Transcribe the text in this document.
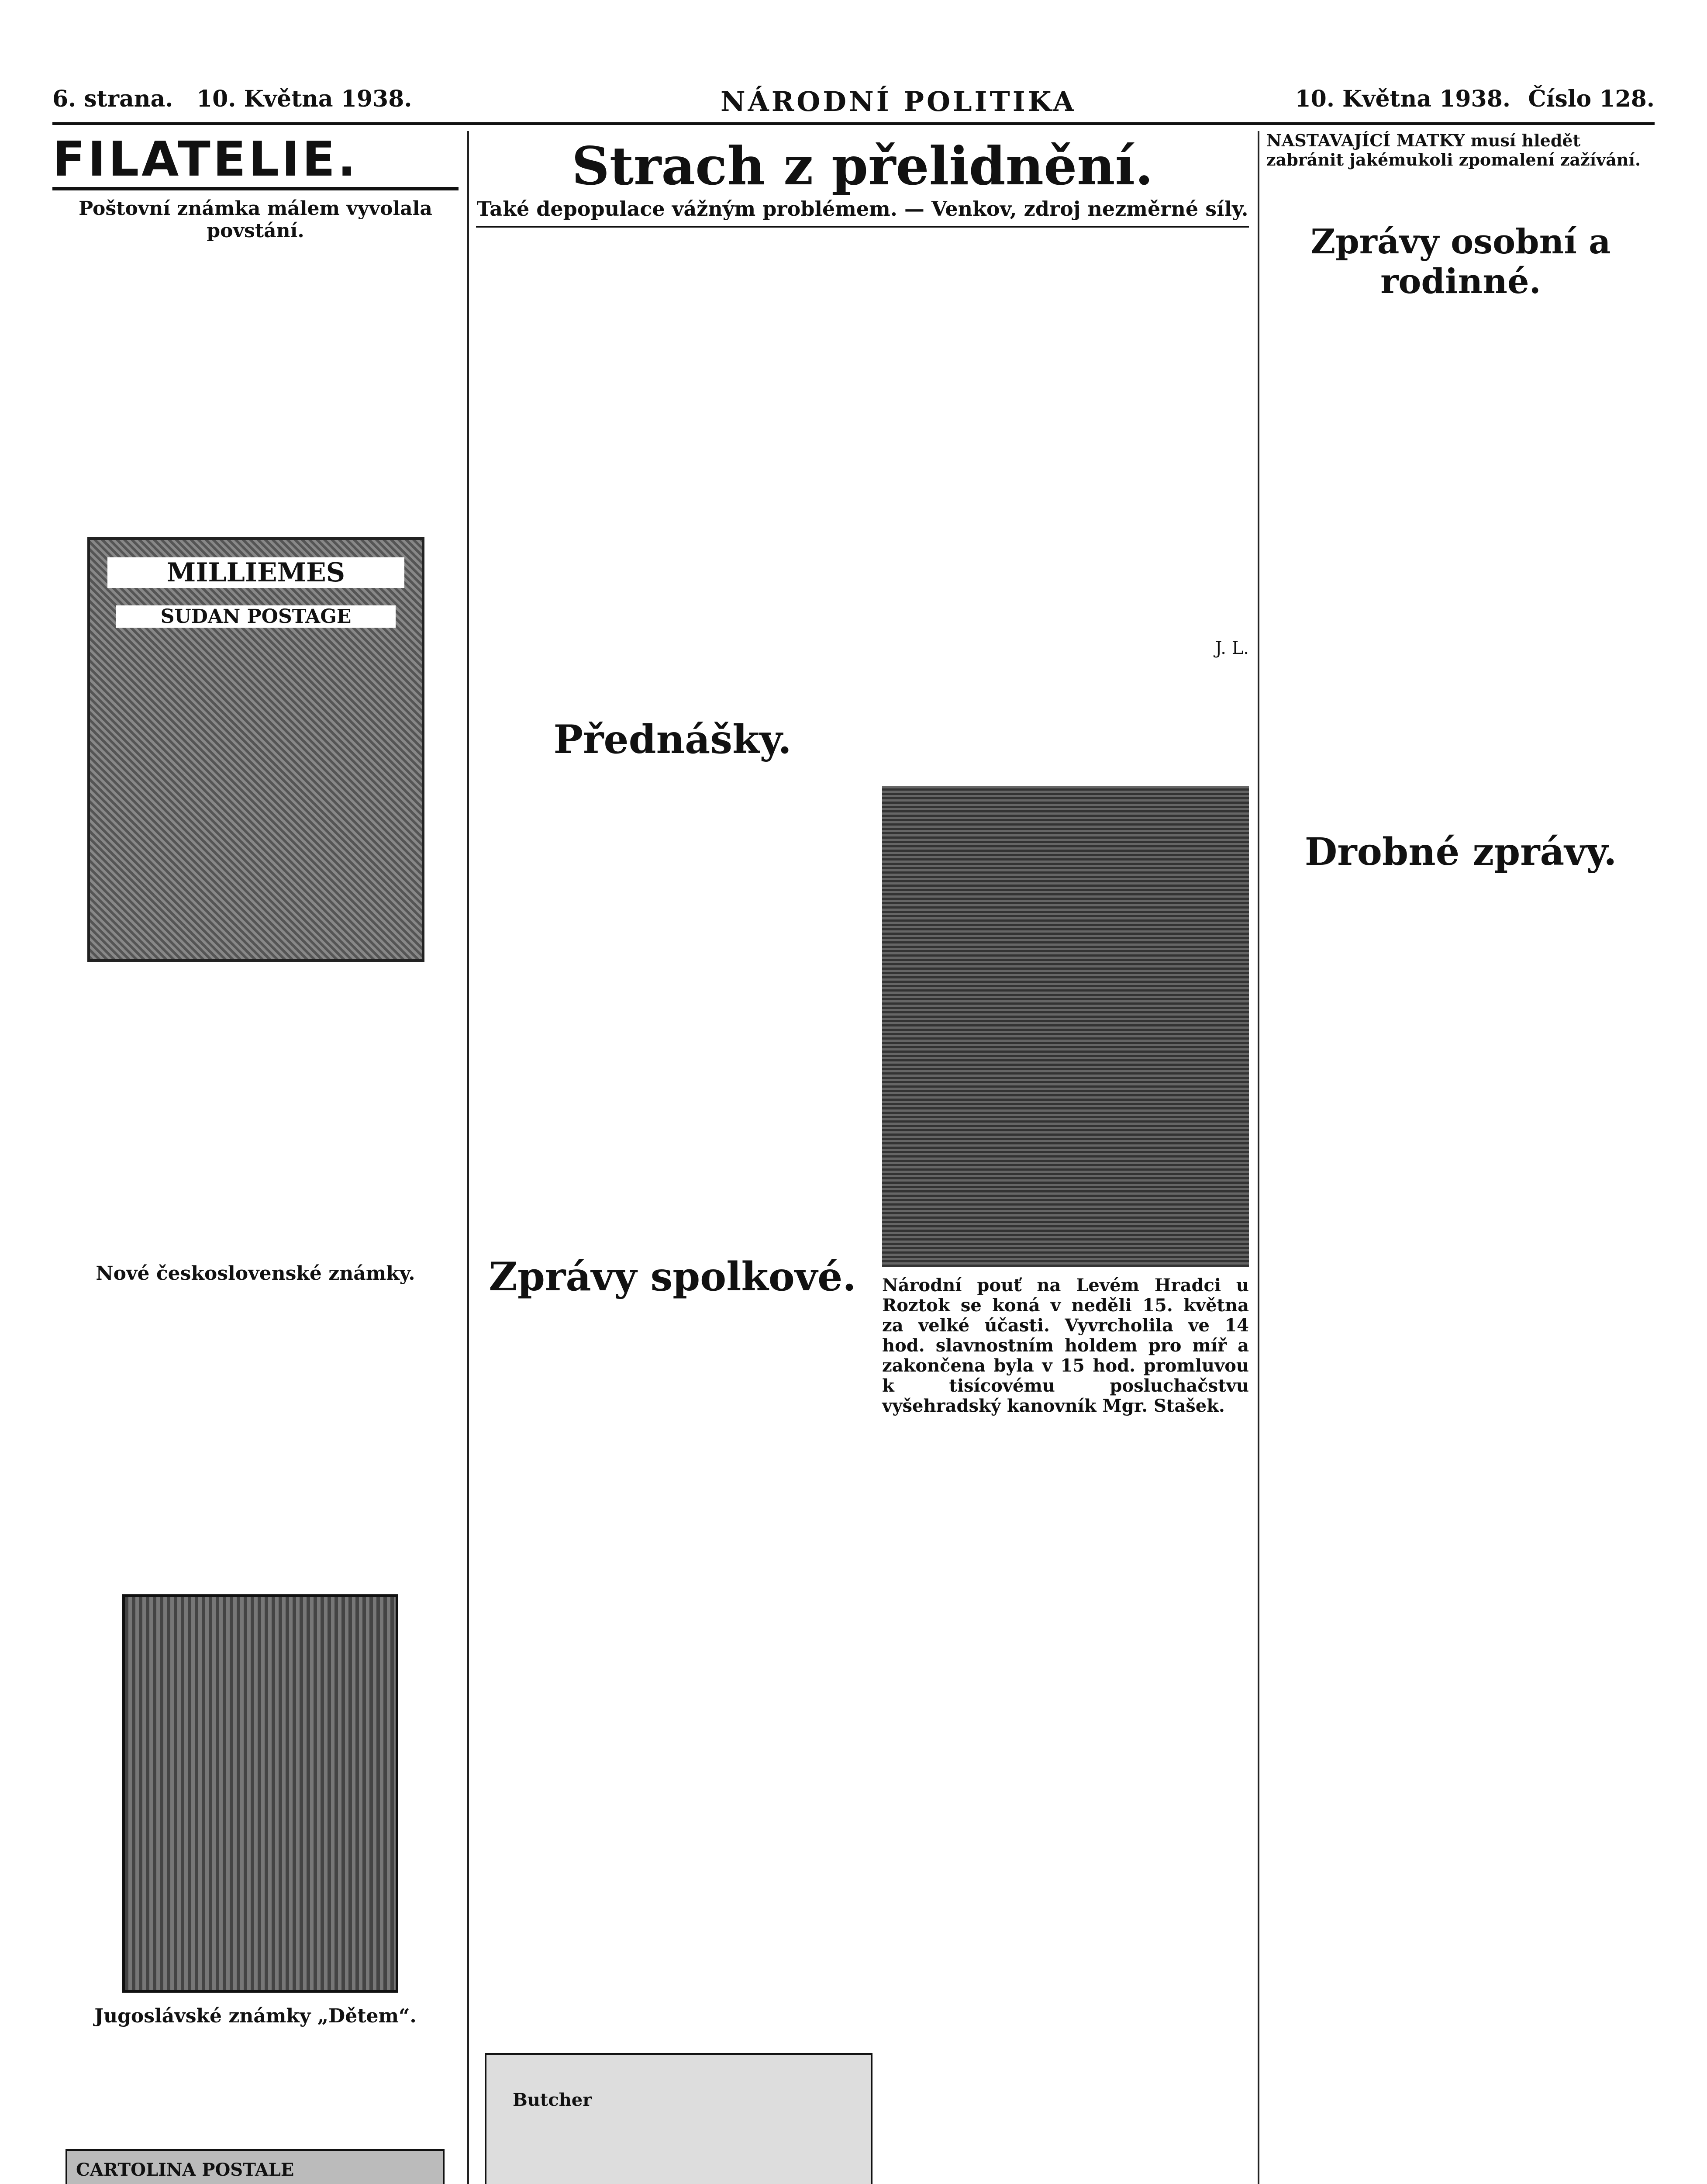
6. strana. 10. Května 1938.	NÁRODNÍ POLITIKA	10. Května 1938. Číslo 128.
FILATELIE.
Poštovní známka málem vyvolala povstání.
MILLIEMES
SUDAN POSTAGE
Nové československé známky.
Jugoslávské známky „Dětem“.
CARTOLINA POSTALE
Strach z přelidnění.
Také depopulace vážným problémem. — Venkov, zdroj nezměrné síly.
J. L.
Přednášky.
Zprávy spolkové.	Národní pouť na Levém Hradci u Roztok se koná v neděli 15. května za velké účasti. Vyvrcholila ve 14 hod. slavnostním holdem pro míř a zakončena byla v 15 hod. promluvou k tisícovému posluchačstvu vyšehradský kanovník Mgr. Stašek.
Butcher
NASTAVAJÍCÍ MATKY musí hledět zabránit jakémukoli zpomalení zažívání.
Zprávy osobní a rodinné.
Drobné zprávy.
